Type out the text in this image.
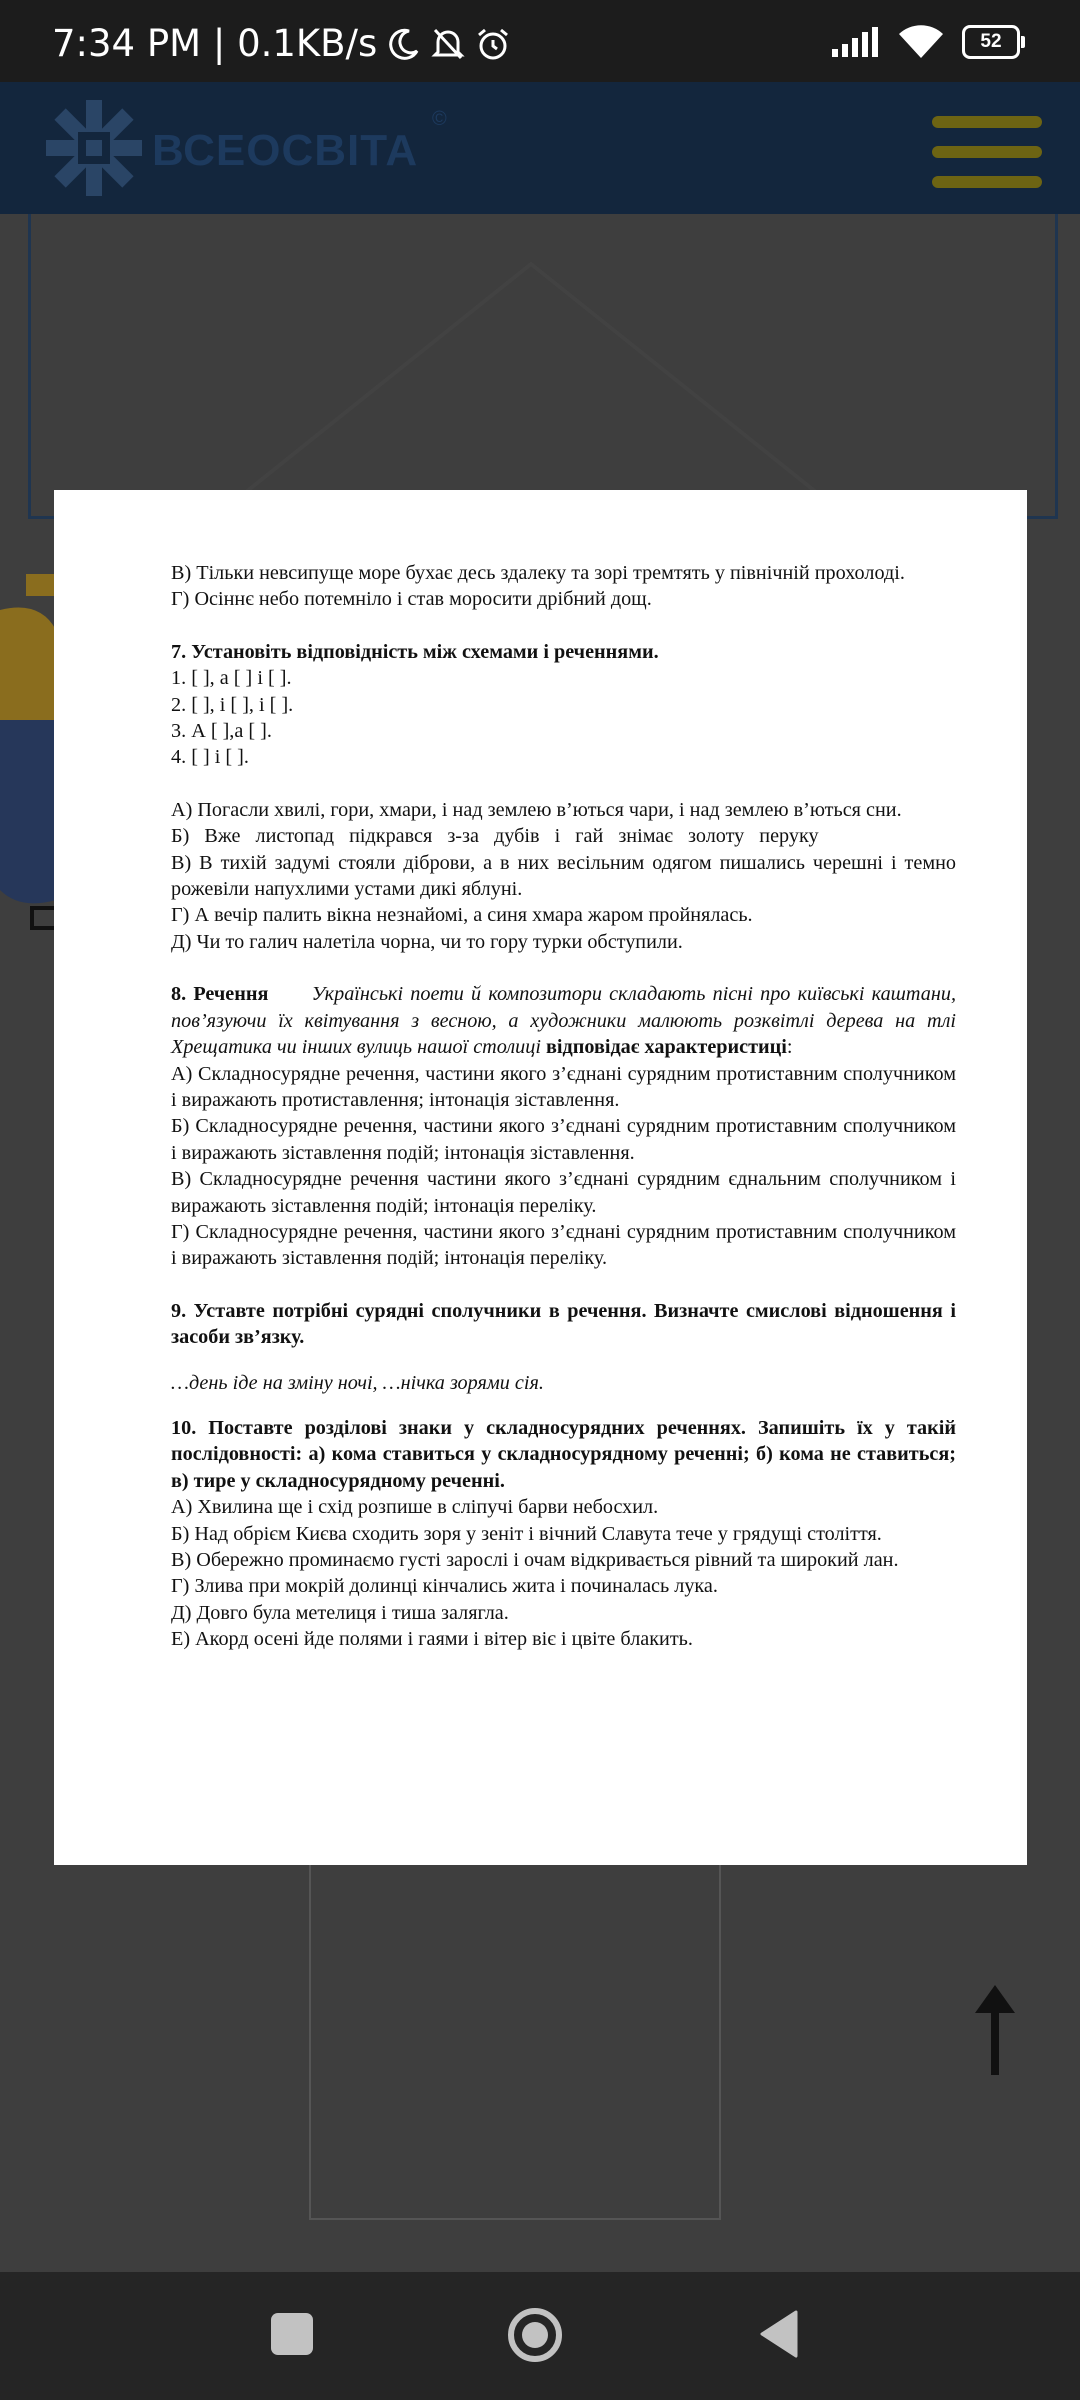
7:34 PM | 0.1KB/s	52
ВСЕОСВІТА
©

В) Тільки невсипуще море бухає десь здалеку та зорі тремтять у північній прохолоді.

Г) Осіннє небо потемніло і став моросити дрібний дощ.

7. Установіть відповідність між схемами і реченнями.

1. [ ], а [ ] і [ ].

2. [ ], і [ ], і [ ].

3. А [ ],а [ ].

4. [ ] і [ ].

А) Погасли хвилі, гори, хмари, і над землею в’ються чари, і над землею в’ються сни.

Б) Вже листопад підкрався з-за дубів і гай знімає золоту перуку

В) В тихій задумі стояли діброви, а в них весільним одягом пишались черешні і темно рожевіли напухлими устами дикі яблуні.

Г) А вечір палить вікна незнайомі, а синя хмара жаром пройнялась.

Д) Чи то галич налетіла чорна, чи то гору турки обступили.

8. Речення Українські поети й композитори складають пісні про київські каштани, пов’язуючи їх квітування з весною, а художники малюють розквітлі дерева на тлі Хрещатика чи інших вулиць нашої столиці відповідає характеристиці:

А) Складносурядне речення, частини якого з’єднані сурядним протиставним сполучником і виражають протиставлення; інтонація зіставлення.

Б) Складносурядне речення, частини якого з’єднані сурядним протиставним сполучником і виражають зіставлення подій; інтонація зіставлення.

В) Складносурядне речення частини якого з’єднані сурядним єднальним сполучником і виражають зіставлення подій; інтонація переліку.

Г) Складносурядне речення, частини якого з’єднані сурядним протиставним сполучником і виражають зіставлення подій; інтонація переліку.

9. Уставте потрібні сурядні сполучники в речення. Визначте смислові відношення і засоби зв’язку.

…день іде на зміну ночі, …нічка зорями сія.

10. Поставте розділові знаки у складносурядних реченнях. Запишіть їх у такій послідовності: а) кома ставиться у складносурядному реченні; б) кома не ставиться; в) тире у складносурядному реченні.

А) Хвилина ще і схід розпише в сліпучі барви небосхил.

Б) Над обрієм Києва сходить зоря у зеніт і вічний Славута тече у грядущі століття.

В) Обережно проминаємо густі зарослі і очам відкривається рівний та широкий лан.

Г) Злива при мокрій долинці кінчались жита і починалась лука.

Д) Довго була метелиця і тиша залягла.

Е) Акорд осені йде полями і гаями і вітер віє і цвіте блакить.
